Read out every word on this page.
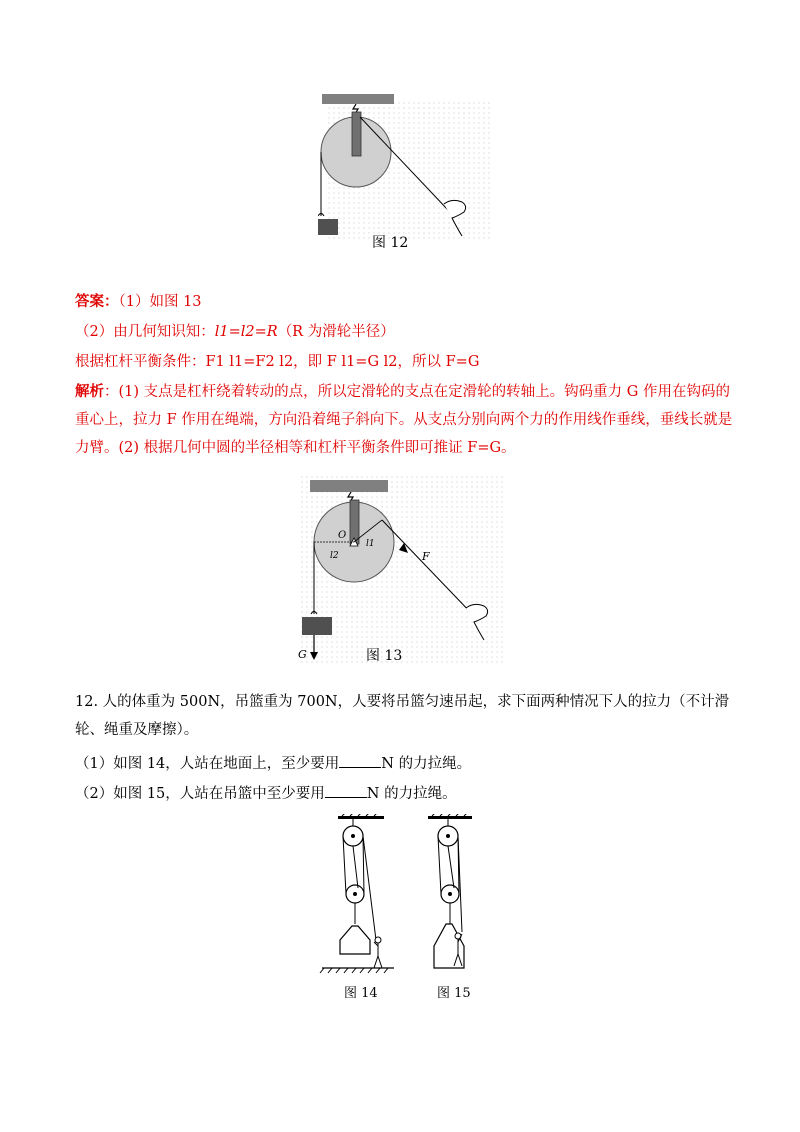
图 12
答案：（1）如图 13
（2）由几何知识知：l1=l2=R（R 为滑轮半径）
根据杠杆平衡条件：F1 l1=F2 l2，即 F l1=G l2，所以 F=G
解析：(1) 支点是杠杆绕着转动的点，所以定滑轮的支点在定滑轮的转轴上。钩码重力 G 作用在钩码的重心上，拉力 F 作用在绳端，方向沿着绳子斜向下。从支点分别向两个力的作用线作垂线，垂线长就是力臂。(2) 根据几何中圆的半径相等和杠杆平衡条件即可推证 F=G。
O
l1
l2	F
G	图 13
12. 人的体重为 500N，吊篮重为 700N，人要将吊篮匀速吊起，求下面两种情况下人的拉力（不计滑轮、绳重及摩擦）。
（1）如图 14，人站在地面上，至少要用	N 的力拉绳。
（2）如图 15，人站在吊篮中至少要用	N 的力拉绳。
图 14	图 15
